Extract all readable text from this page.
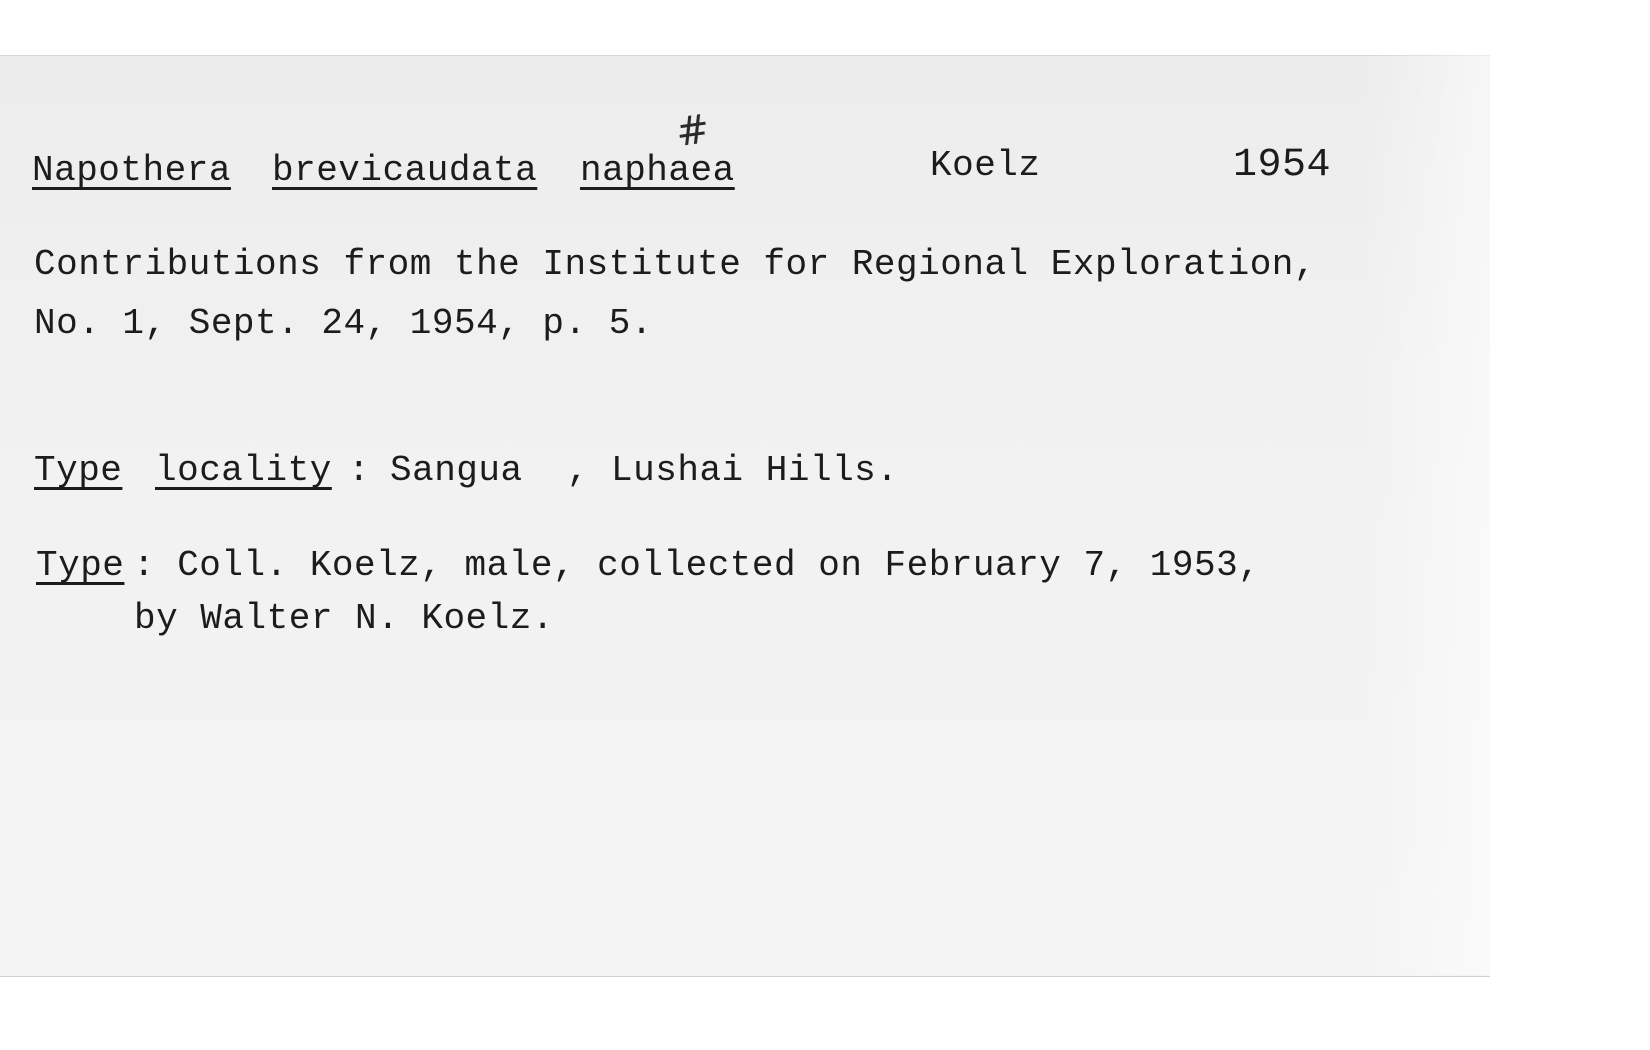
Napothera brevicaudata naphaea
#
Koelz	1954
Contributions from the Institute for Regional Exploration,
No. 1, Sept. 24, 1954, p. 5.
Type locality : Sangua  , Lushai Hills.
Type : Coll. Koelz, male, collected on February 7, 1953,
by Walter N. Koelz.
